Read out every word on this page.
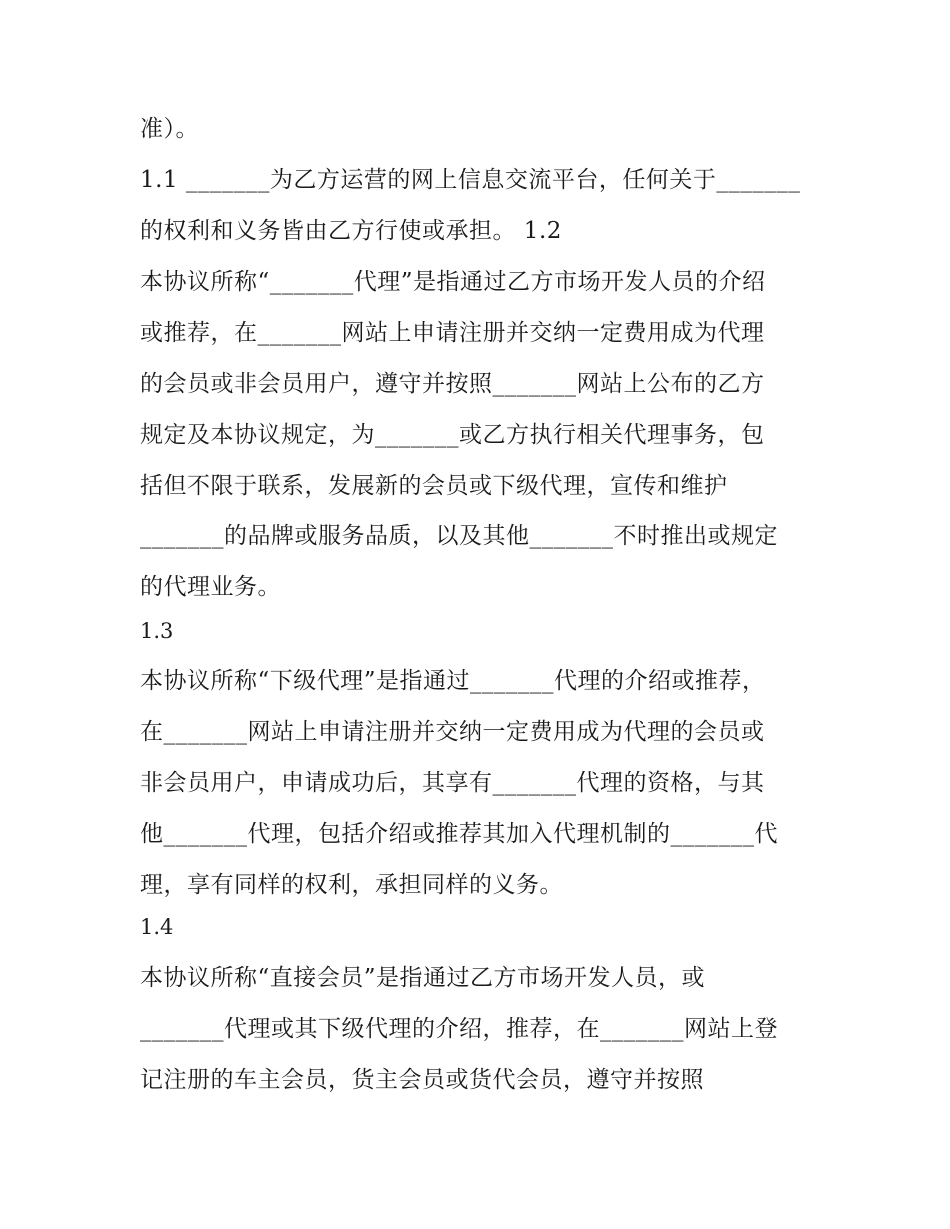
准）。
1.1 _______为乙方运营的网上信息交流平台，任何关于_______
的权利和义务皆由乙方行使或承担。 1.2
本协议所称“_______代理”是指通过乙方市场开发人员的介绍
或推荐，在_______网站上申请注册并交纳一定费用成为代理
的会员或非会员用户，遵守并按照_______网站上公布的乙方
规定及本协议规定，为_______或乙方执行相关代理事务，包
括但不限于联系，发展新的会员或下级代理，宣传和维护
_______的品牌或服务品质，以及其他_______不时推出或规定
的代理业务。
1.3
本协议所称“下级代理”是指通过_______代理的介绍或推荐，
在_______网站上申请注册并交纳一定费用成为代理的会员或
非会员用户，申请成功后，其享有_______代理的资格，与其
他_______代理，包括介绍或推荐其加入代理机制的_______代
理，享有同样的权利，承担同样的义务。
1.4
本协议所称“直接会员”是指通过乙方市场开发人员，或
_______代理或其下级代理的介绍，推荐，在_______网站上登
记注册的车主会员，货主会员或货代会员，遵守并按照
